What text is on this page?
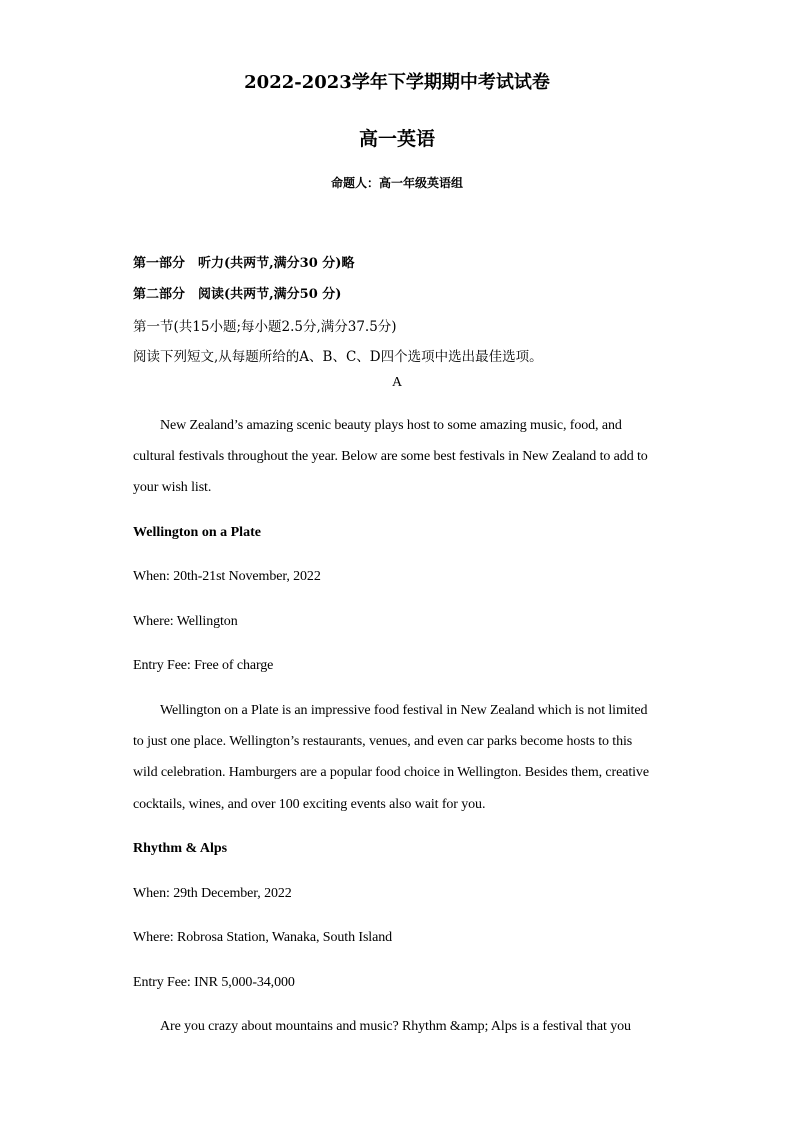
2022-2023学年下学期期中考试试卷
高一英语
命题人：高一年级英语组
第一部分　听力(共两节,满分30 分)略
第二部分　阅读(共两节,满分50 分)
第一节(共15小题;每小题2.5分,满分37.5分)
阅读下列短文,从每题所给的A、B、C、D四个选项中选出最佳选项。
A
New Zealand’s amazing scenic beauty plays host to some amazing music, food, and
cultural festivals throughout the year. Below are some best festivals in New Zealand to add to
your wish list.
Wellington on a Plate
When: 20th-21st November, 2022
Where: Wellington
Entry Fee: Free of charge
Wellington on a Plate is an impressive food festival in New Zealand which is not limited
to just one place. Wellington’s restaurants, venues, and even car parks become hosts to this
wild celebration. Hamburgers are a popular food choice in Wellington. Besides them, creative
cocktails, wines, and over 100 exciting events also wait for you.
Rhythm & Alps
When: 29th December, 2022
Where: Robrosa Station, Wanaka, South Island
Entry Fee: INR 5,000-34,000
Are you crazy about mountains and music? Rhythm &amp; Alps is a festival that you
